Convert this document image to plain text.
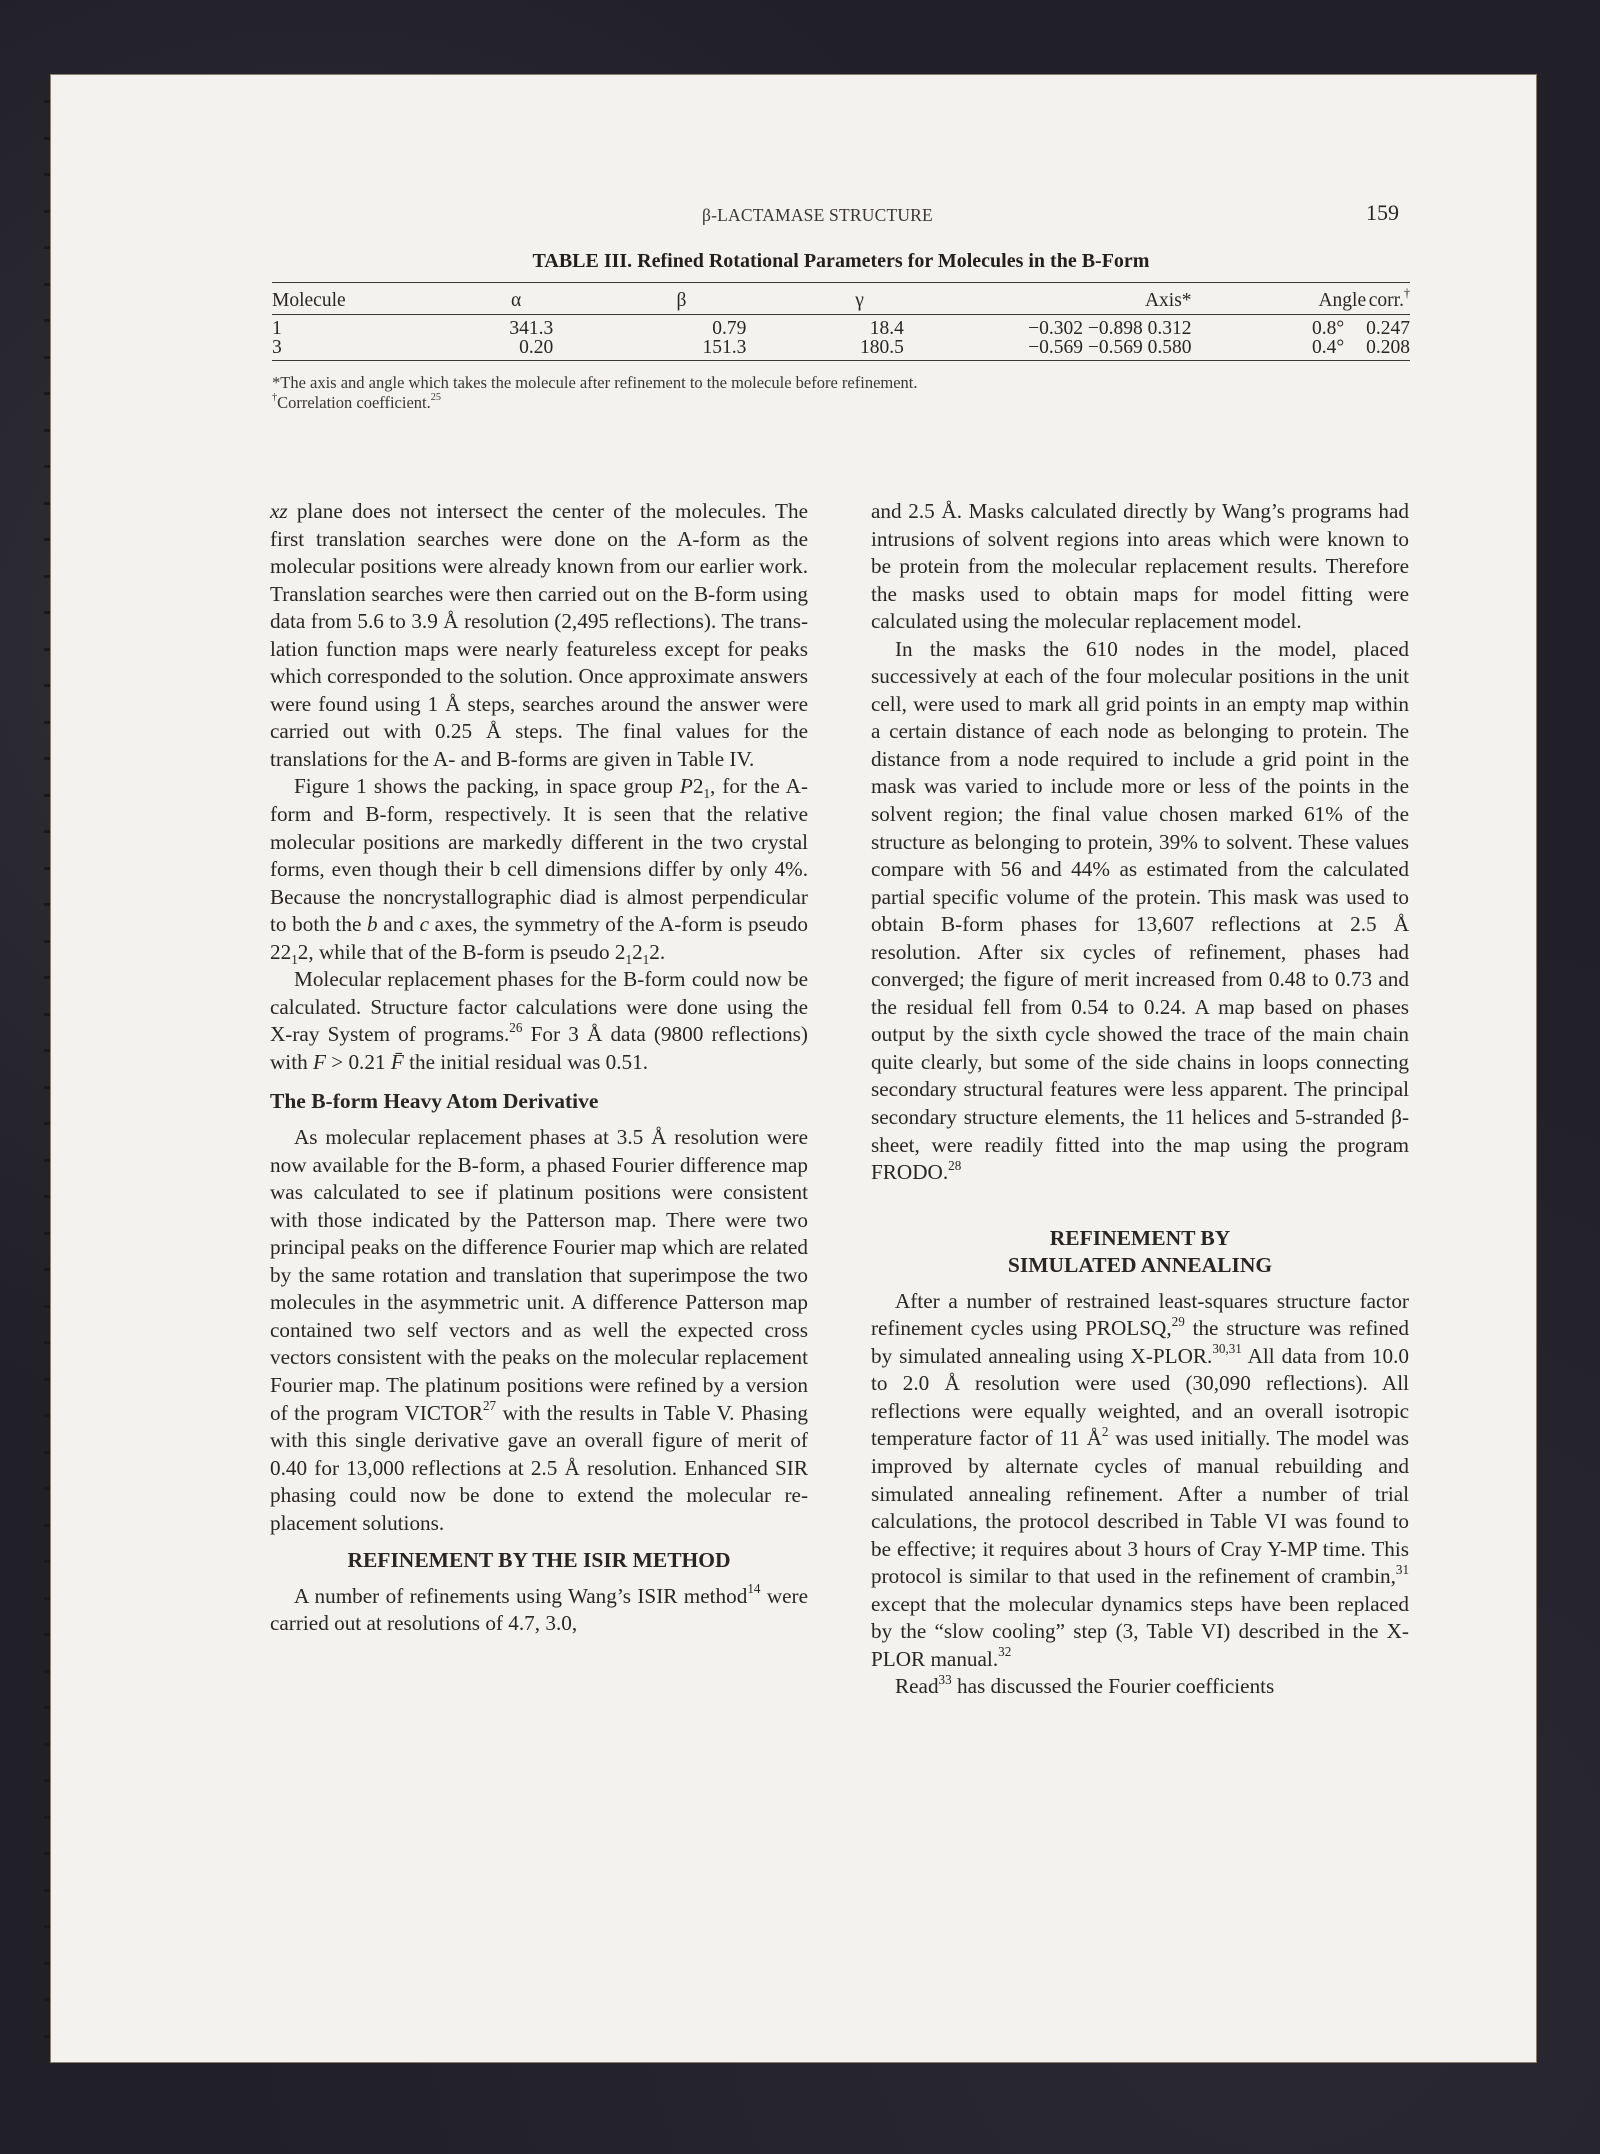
β-LACTAMASE STRUCTURE	159
TABLE III. Refined Rotational Parameters for Molecules in the B-Form
Molecule	α	β	γ	Axis*	Angle	corr.†
1	341.3	0.79	18.4	−0.302 −0.898 0.312	0.8°	0.247
3	0.20	151.3	180.5	−0.569 −0.569 0.580	0.4°	0.208
*The axis and angle which takes the molecule after refinement to the molecule before refinement.
†Correlation coefficient.$^{25}$

xz plane does not intersect the center of the molecules. The first translation searches were done on the A-form as the molecular positions were already known from our earlier work. Translation searches were then carried out on the B-form using data from 5.6 to 3.9 Å resolution (2,495 reflections). The translation function maps were nearly featureless except for peaks which corresponded to the solution. Once approximate answers were found using 1 Å steps, searches around the answer were carried out with 0.25 Å steps. The final values for the translations for the A- and B-forms are given in Table IV.

Figure 1 shows the packing, in space group $P2_1$, for the A-form and B-form, respectively. It is seen that the relative molecular positions are markedly different in the two crystal forms, even though their b cell dimensions differ by only 4%. Because the noncrystallographic diad is almost perpendicular to both the b and c axes, the symmetry of the A-form is pseudo $22_12$, while that of the B-form is pseudo $2_12_12$.

Molecular replacement phases for the B-form could now be calculated. Structure factor calculations were done using the X-ray System of programs.$^{26}$ For 3 Å data (9800 reflections) with F > 0.21 F̄ the initial residual was 0.51.

The B-form Heavy Atom Derivative

As molecular replacement phases at 3.5 Å resolution were now available for the B-form, a phased Fourier difference map was calculated to see if platinum positions were consistent with those indicated by the Patterson map. There were two principal peaks on the difference Fourier map which are related by the same rotation and translation that superimpose the two molecules in the asymmetric unit. A difference Patterson map contained two self vectors and as well the expected cross vectors consistent with the peaks on the molecular replacement Fourier map. The platinum positions were refined by a version of the program VICTOR$^{27}$ with the results in Table V. Phasing with this single derivative gave an overall figure of merit of 0.40 for 13,000 reflections at 2.5 Å resolution. Enhanced SIR phasing could now be done to extend the molecular replacement solutions.

REFINEMENT BY THE ISIR METHOD

A number of refinements using Wang’s ISIR method$^{14}$ were carried out at resolutions of 4.7, 3.0,

and 2.5 Å. Masks calculated directly by Wang’s programs had intrusions of solvent regions into areas which were known to be protein from the molecular replacement results. Therefore the masks used to obtain maps for model fitting were calculated using the molecular replacement model.

In the masks the 610 nodes in the model, placed successively at each of the four molecular positions in the unit cell, were used to mark all grid points in an empty map within a certain distance of each node as belonging to protein. The distance from a node required to include a grid point in the mask was varied to include more or less of the points in the solvent region; the final value chosen marked 61% of the structure as belonging to protein, 39% to solvent. These values compare with 56 and 44% as estimated from the calculated partial specific volume of the protein. This mask was used to obtain B-form phases for 13,607 reflections at 2.5 Å resolution. After six cycles of refinement, phases had converged; the figure of merit increased from 0.48 to 0.73 and the residual fell from 0.54 to 0.24. A map based on phases output by the sixth cycle showed the trace of the main chain quite clearly, but some of the side chains in loops connecting secondary structural features were less apparent. The principal secondary structure elements, the 11 helices and 5-stranded β-sheet, were readily fitted into the map using the program FRODO.$^{28}$

REFINEMENT BY
SIMULATED ANNEALING

After a number of restrained least-squares structure factor refinement cycles using PROLSQ,$^{29}$ the structure was refined by simulated annealing using X-PLOR.$^{30,31}$ All data from 10.0 to 2.0 Å resolution were used (30,090 reflections). All reflections were equally weighted, and an overall isotropic temperature factor of 11 $Å^2$ was used initially. The model was improved by alternate cycles of manual rebuilding and simulated annealing refinement. After a number of trial calculations, the protocol described in Table VI was found to be effective; it requires about 3 hours of Cray Y-MP time. This protocol is similar to that used in the refinement of crambin,$^{31}$ except that the molecular dynamics steps have been replaced by the “slow cooling” step (3, Table VI) described in the X-PLOR manual.$^{32}$

Read$^{33}$ has discussed the Fourier coefficients
